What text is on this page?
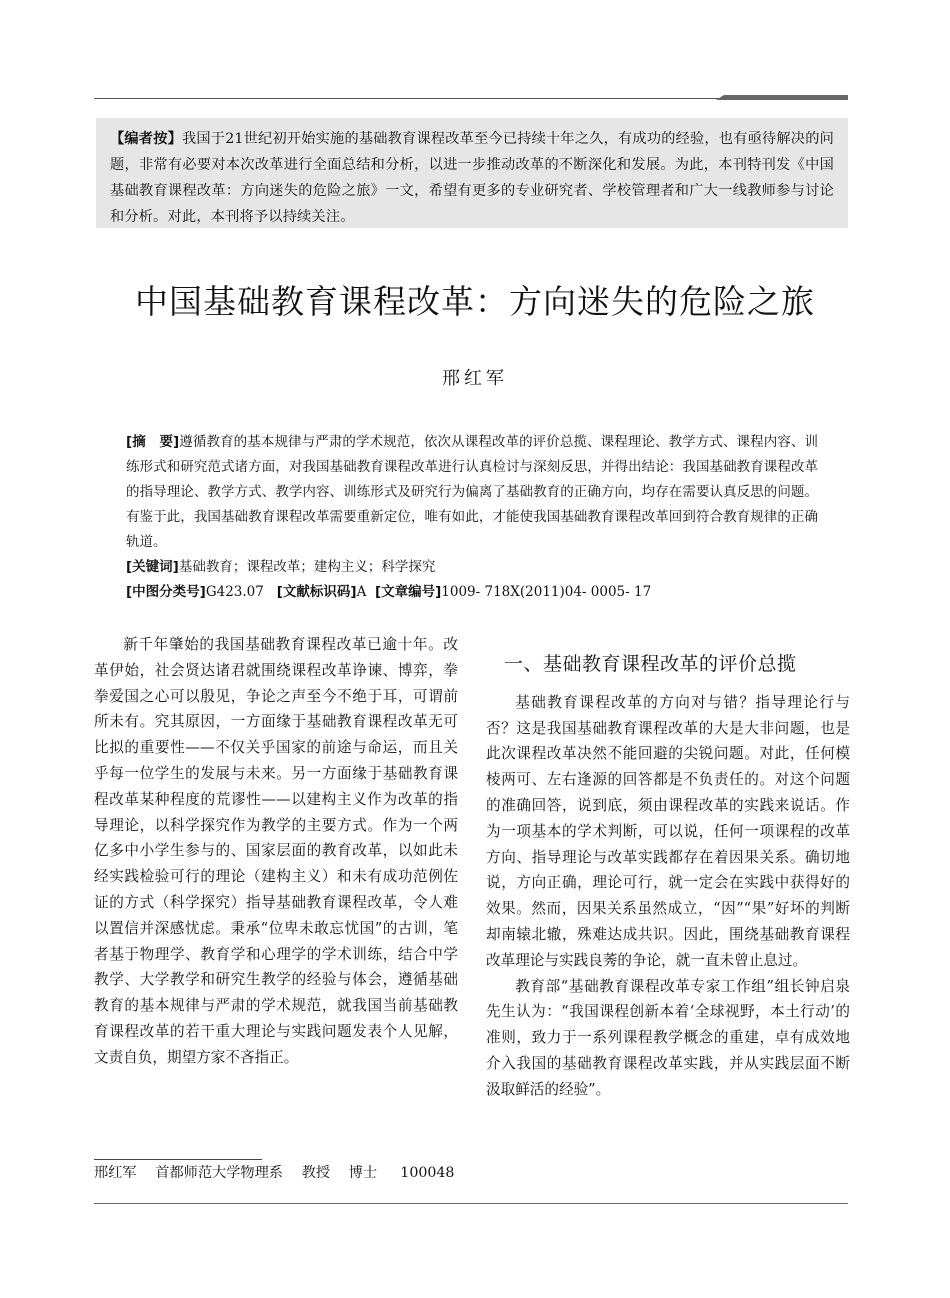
【编者按】我国于21世纪初开始实施的基础教育课程改革至今已持续十年之久，有成功的经验，也有亟待解决的问题，非常有必要对本次改革进行全面总结和分析，以进一步推动改革的不断深化和发展。为此，本刊特刊发《中国基础教育课程改革：方向迷失的危险之旅》一文，希望有更多的专业研究者、学校管理者和广大一线教师参与讨论和分析。对此，本刊将予以持续关注。

中国基础教育课程改革：方向迷失的危险之旅
邢红军

[摘　要]遵循教育的基本规律与严肃的学术规范，依次从课程改革的评价总揽、课程理论、教学方式、课程内容、训练形式和研究范式诸方面，对我国基础教育课程改革进行认真检讨与深刻反思，并得出结论：我国基础教育课程改革的指导理论、教学方式、教学内容、训练形式及研究行为偏离了基础教育的正确方向，均存在需要认真反思的问题。有鉴于此，我国基础教育课程改革需要重新定位，唯有如此，才能使我国基础教育课程改革回到符合教育规律的正确轨道。

[关键词]基础教育；课程改革；建构主义；科学探究

[中图分类号]G423.07 [文献标识码]A [文章编号]1009- 718X(2011)04- 0005- 17

新千年肇始的我国基础教育课程改革已逾十年。改革伊始，社会贤达诸君就围绕课程改革诤谏、博弈，拳拳爱国之心可以殷见，争论之声至今不绝于耳，可谓前所未有。究其原因，一方面缘于基础教育课程改革无可比拟的重要性——不仅关乎国家的前途与命运，而且关乎每一位学生的发展与未来。另一方面缘于基础教育课程改革某种程度的荒谬性——以建构主义作为改革的指导理论，以科学探究作为教学的主要方式。作为一个两亿多中小学生参与的、国家层面的教育改革，以如此未经实践检验可行的理论（建构主义）和未有成功范例佐证的方式（科学探究）指导基础教育课程改革，令人难以置信并深感忧虑。秉承“位卑未敢忘忧国”的古训，笔者基于物理学、教育学和心理学的学术训练，结合中学教学、大学教学和研究生教学的经验与体会，遵循基础教育的基本规律与严肃的学术规范，就我国当前基础教育课程改革的若干重大理论与实践问题发表个人见解，文责自负，期望方家不吝指正。

一、基础教育课程改革的评价总揽

基础教育课程改革的方向对与错？指导理论行与否？这是我国基础教育课程改革的大是大非问题，也是此次课程改革决然不能回避的尖锐问题。对此，任何模棱两可、左右逢源的回答都是不负责任的。对这个问题的准确回答，说到底，须由课程改革的实践来说话。作为一项基本的学术判断，可以说，任何一项课程的改革方向、指导理论与改革实践都存在着因果关系。确切地说，方向正确，理论可行，就一定会在实践中获得好的效果。然而，因果关系虽然成立，“因”“果”好坏的判断却南辕北辙，殊难达成共识。因此，围绕基础教育课程改革理论与实践良莠的争论，就一直未曾止息过。

教育部“基础教育课程改革专家工作组”组长钟启泉先生认为：“我国课程创新本着‘全球视野，本土行动’的准则，致力于一系列课程教学概念的重建，卓有成效地介入我国的基础教育课程改革实践，并从实践层面不断汲取鲜活的经验”。

邢红军　 首都师范大学物理系　 教授　 博士　  100048
